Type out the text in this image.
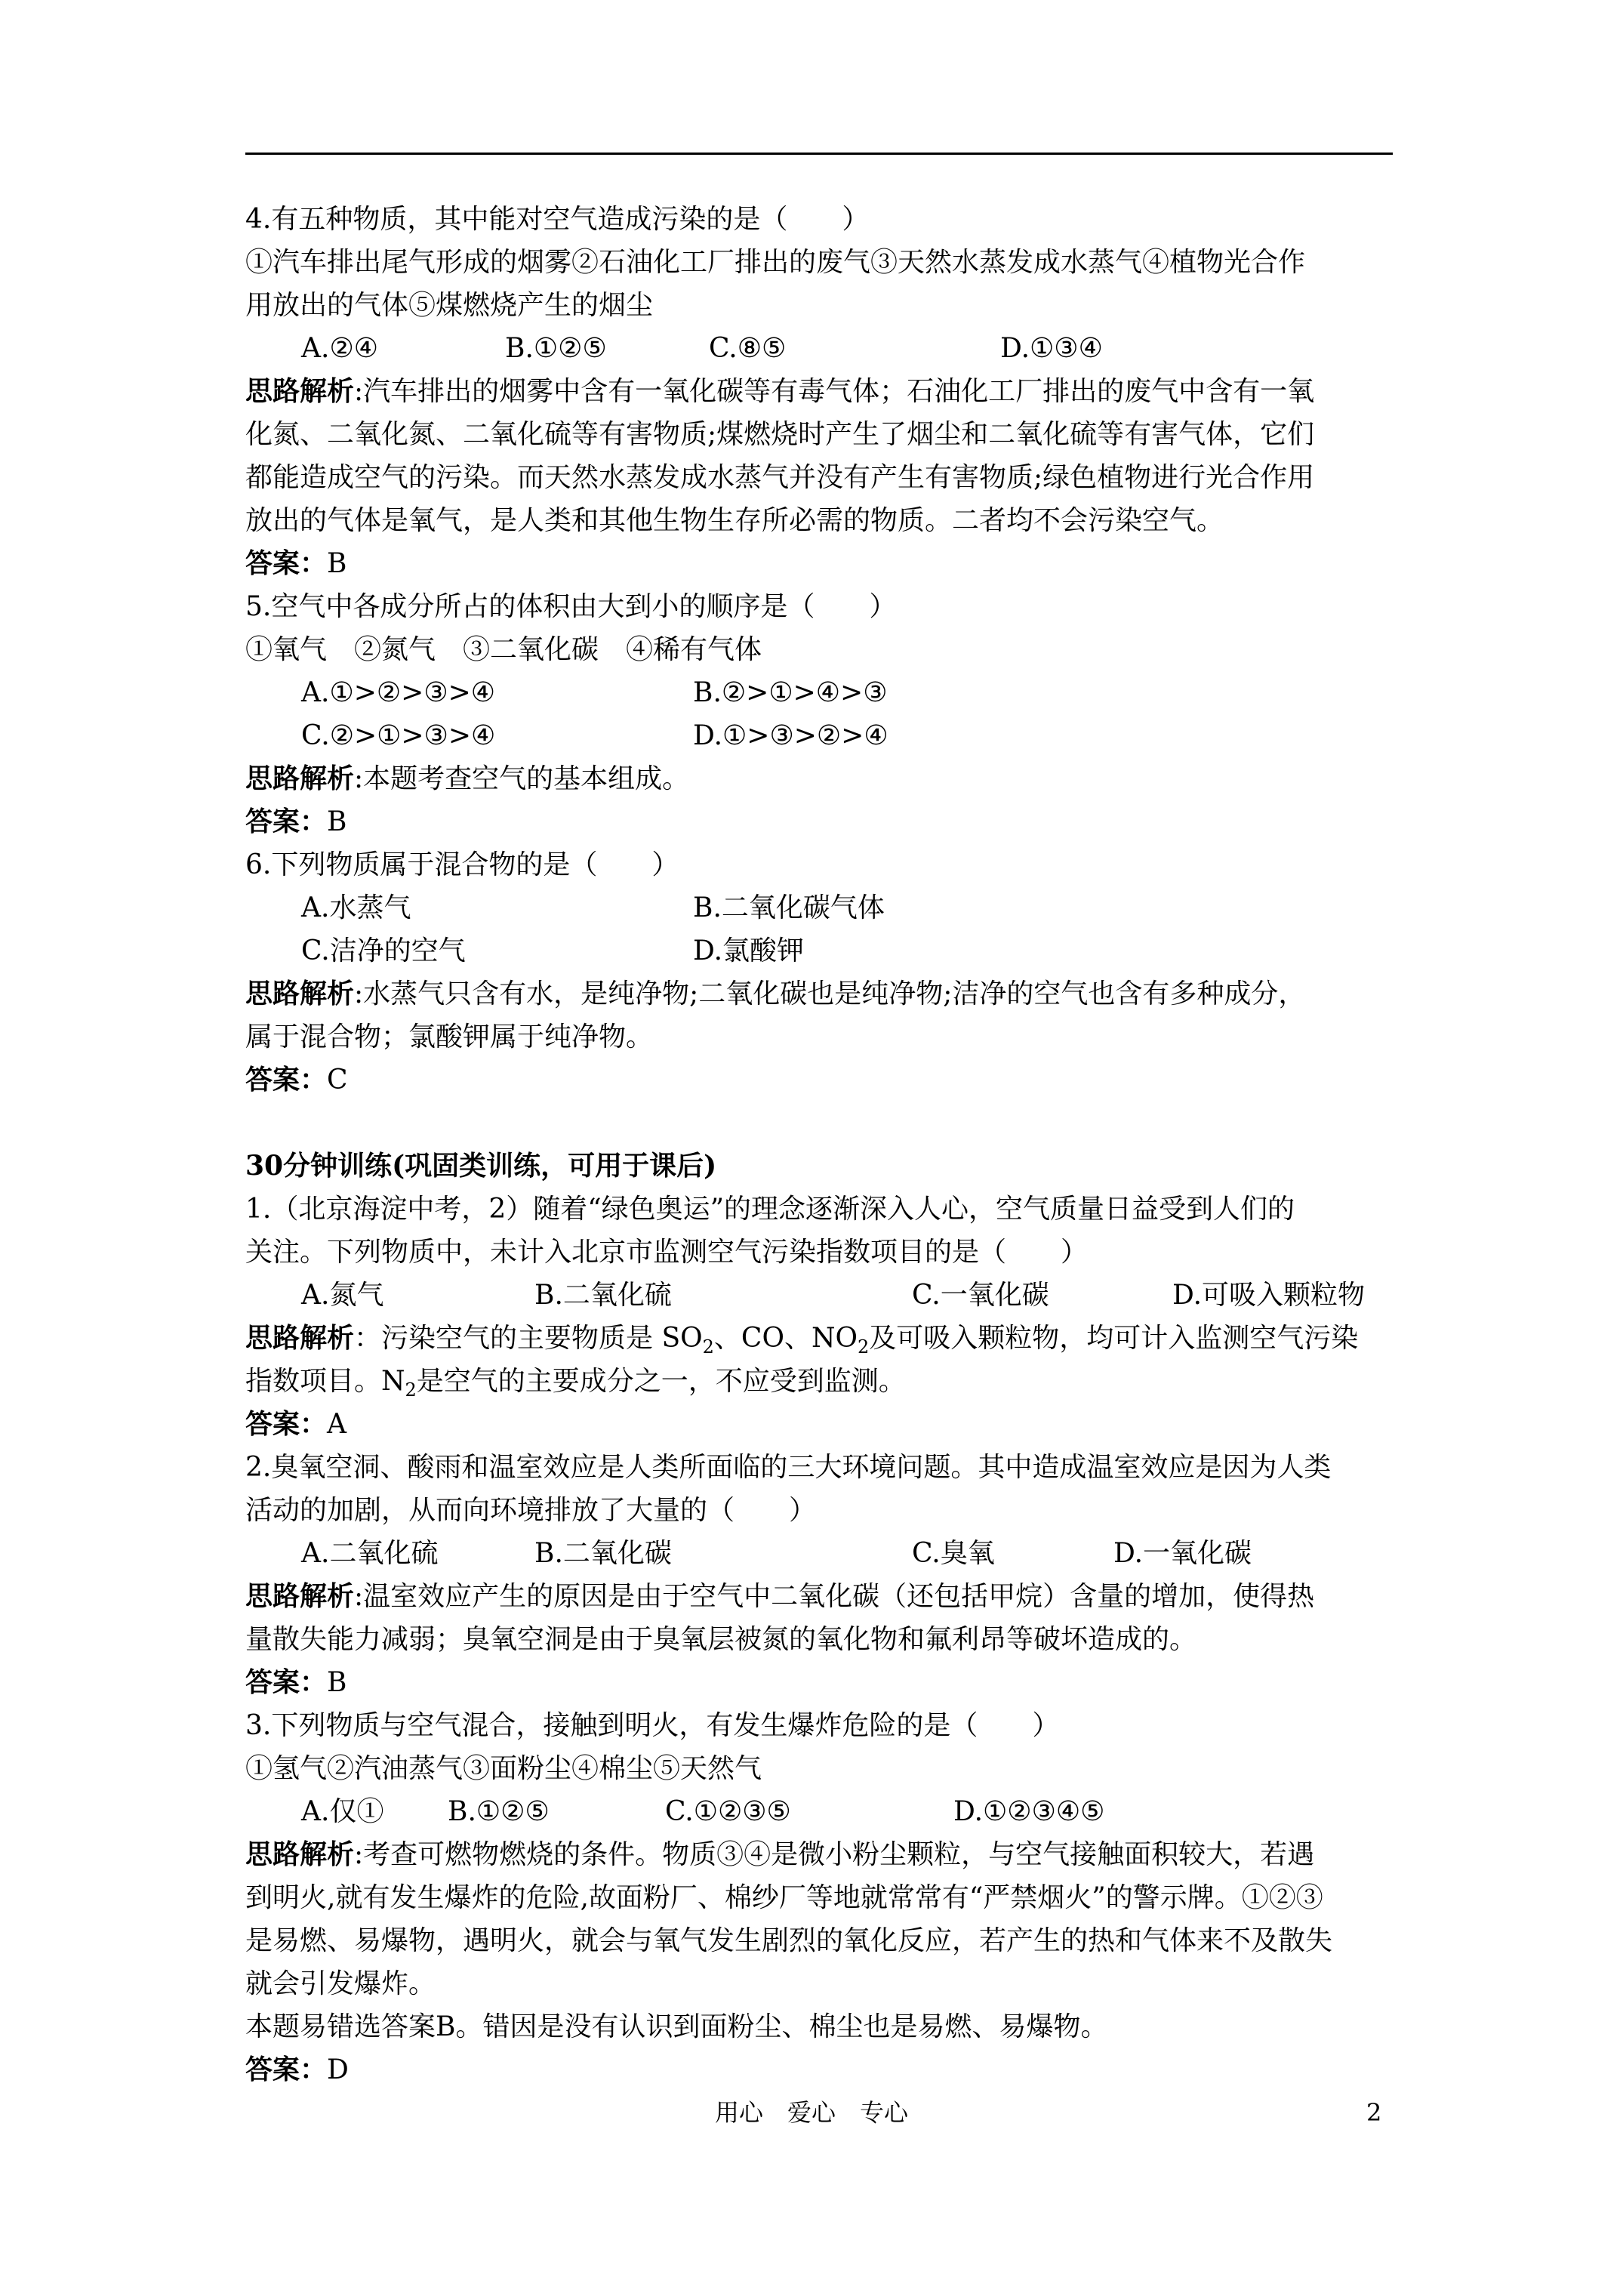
4.有五种物质，其中能对空气造成污染的是（　　）
①汽车排出尾气形成的烟雾②石油化工厂排出的废气③天然水蒸发成水蒸气④植物光合作
用放出的气体⑤煤燃烧产生的烟尘
A.②④	B.①②⑤	C.⑧⑤	D.①③④
思路解析:汽车排出的烟雾中含有一氧化碳等有毒气体；石油化工厂排出的废气中含有一氧
化氮、二氧化氮、二氧化硫等有害物质;煤燃烧时产生了烟尘和二氧化硫等有害气体，它们
都能造成空气的污染。而天然水蒸发成水蒸气并没有产生有害物质;绿色植物进行光合作用
放出的气体是氧气，是人类和其他生物生存所必需的物质。二者均不会污染空气。
答案：B
5.空气中各成分所占的体积由大到小的顺序是（　　）
①氧气　②氮气　③二氧化碳　④稀有气体
A.①>②>③>④	B.②>①>④>③
C.②>①>③>④	D.①>③>②>④
思路解析:本题考查空气的基本组成。
答案：B
6.下列物质属于混合物的是（　　）
A.水蒸气	B.二氧化碳气体
C.洁净的空气	D.氯酸钾
思路解析:水蒸气只含有水，是纯净物;二氧化碳也是纯净物;洁净的空气也含有多种成分，
属于混合物；氯酸钾属于纯净物。
答案：C
30分钟训练(巩固类训练，可用于课后)
1.（北京海淀中考，2）随着“绿色奥运”的理念逐渐深入人心，空气质量日益受到人们的
关注。下列物质中，未计入北京市监测空气污染指数项目的是（　　）
A.氮气	B.二氧化硫	C.一氧化碳	D.可吸入颗粒物
思路解析：污染空气的主要物质是 $SO_2$、CO、$NO_2$及可吸入颗粒物，均可计入监测空气污染
指数项目。$N_2$是空气的主要成分之一，不应受到监测。
答案：A
2.臭氧空洞、酸雨和温室效应是人类所面临的三大环境问题。其中造成温室效应是因为人类
活动的加剧，从而向环境排放了大量的（　　）
A.二氧化硫	B.二氧化碳	C.臭氧	D.一氧化碳
思路解析:温室效应产生的原因是由于空气中二氧化碳（还包括甲烷）含量的增加，使得热
量散失能力减弱；臭氧空洞是由于臭氧层被氮的氧化物和氟利昂等破坏造成的。
答案：B
3.下列物质与空气混合，接触到明火，有发生爆炸危险的是（　　）
①氢气②汽油蒸气③面粉尘④棉尘⑤天然气
A.仅① B.①②⑤	C.①②③⑤	D.①②③④⑤
思路解析:考查可燃物燃烧的条件。物质③④是微小粉尘颗粒，与空气接触面积较大，若遇
到明火,就有发生爆炸的危险,故面粉厂、棉纱厂等地就常常有“严禁烟火”的警示牌。①②③
是易燃、易爆物，遇明火，就会与氧气发生剧烈的氧化反应，若产生的热和气体来不及散失
就会引发爆炸。
本题易错选答案B。错因是没有认识到面粉尘、棉尘也是易燃、易爆物。
答案：D
用心　爱心　专心	2
